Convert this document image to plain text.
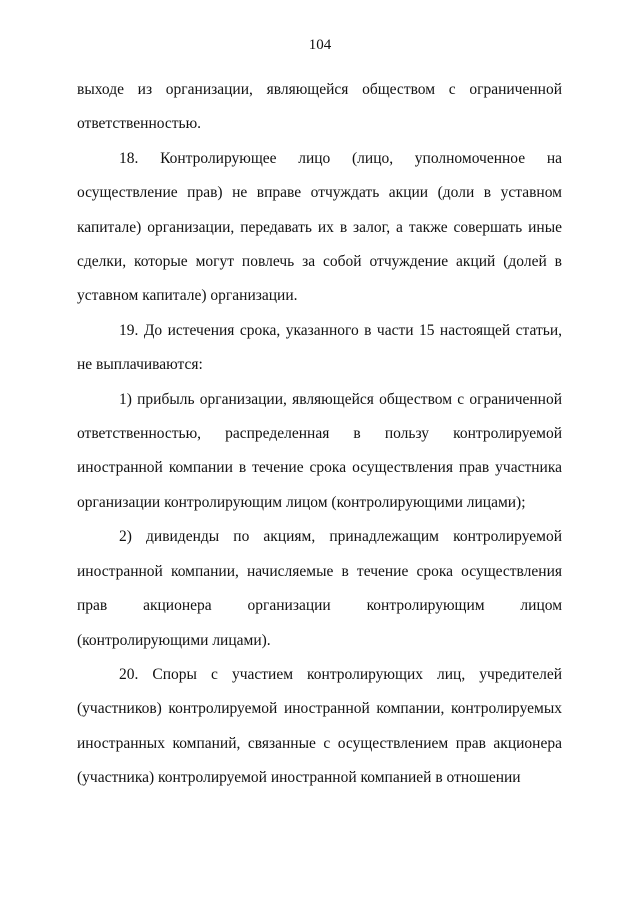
104

выходе из организации, являющейся обществом с ограниченной ответственностью.

18. Контролирующее лицо (лицо, уполномоченное на осуществление прав) не вправе отчуждать акции (доли в уставном капитале) организации, передавать их в залог, а также совершать иные сделки, которые могут повлечь за собой отчуждение акций (долей в уставном капитале) организации.

19. До истечения срока, указанного в части 15 настоящей статьи, не выплачиваются:

1) прибыль организации, являющейся обществом с ограниченной ответственностью, распределенная в пользу контролируемой иностранной компании в течение срока осуществления прав участника организации контролирующим лицом (контролирующими лицами);

2) дивиденды по акциям, принадлежащим контролируемой иностранной компании, начисляемые в течение срока осуществления прав акционера организации контролирующим лицом (контролирующими лицами).

20. Споры с участием контролирующих лиц, учредителей (участников) контролируемой иностранной компании, контролируемых иностранных компаний, связанные с осуществлением прав акционера (участника) контролируемой иностранной компанией в отношении
